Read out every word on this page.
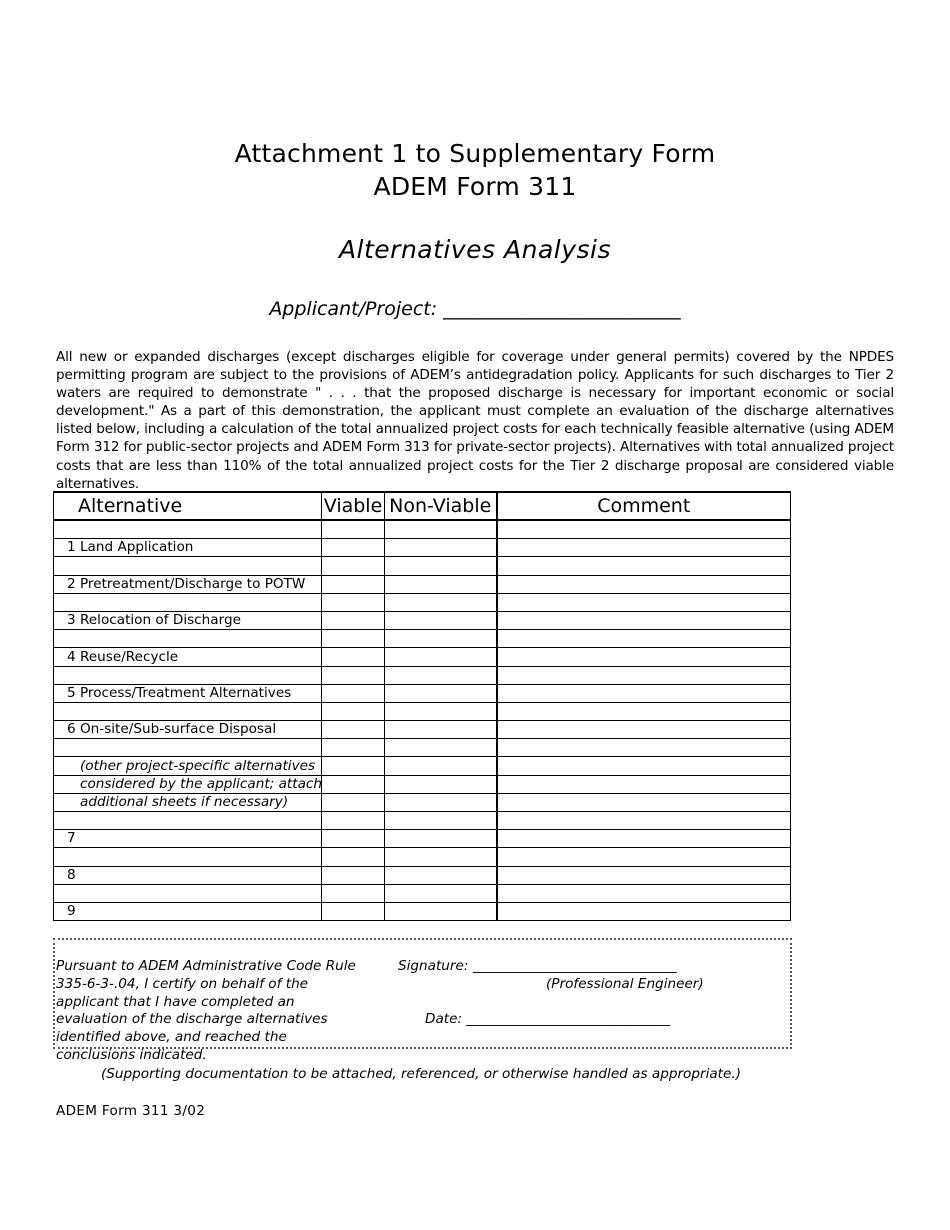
Attachment 1 to Supplementary Form
ADEM Form 311
Alternatives Analysis
Applicant/Project: _________________________
All new or expanded discharges (except discharges eligible for coverage under general permits) covered by the NPDES permitting program are subject to the provisions of ADEM’s antidegradation policy. Applicants for such discharges to Tier 2 waters are required to demonstrate " . . . that the proposed discharge is necessary for important economic or social development." As a part of this demonstration, the applicant must complete an evaluation of the discharge alternatives listed below, including a calculation of the total annualized project costs for each technically feasible alternative (using ADEM Form 312 for public-sector projects and ADEM Form 313 for private-sector projects). Alternatives with total annualized project costs that are less than 110% of the total annualized project costs for the Tier 2 discharge proposal are considered viable alternatives.
Alternative	Viable	Non-Viable	Comment

1 Land Application			

2 Pretreatment/Discharge to POTW			

3 Relocation of Discharge			

4 Reuse/Recycle			

5 Process/Treatment Alternatives			

6 On-site/Sub-surface Disposal			

(other project-specific alternatives			
considered by the applicant; attach			
additional sheets if necessary)			

7			

8			

9			
Pursuant to ADEM Administrative Code Rule 335-6-3-.04, I certify on behalf of the applicant that I have completed an evaluation of the discharge alternatives identified above, and reached the conclusions indicated.
Signature: ______________________________
(Professional Engineer)
Date: ______________________________
(Supporting documentation to be attached, referenced, or otherwise handled as appropriate.)
ADEM Form 311 3/02
